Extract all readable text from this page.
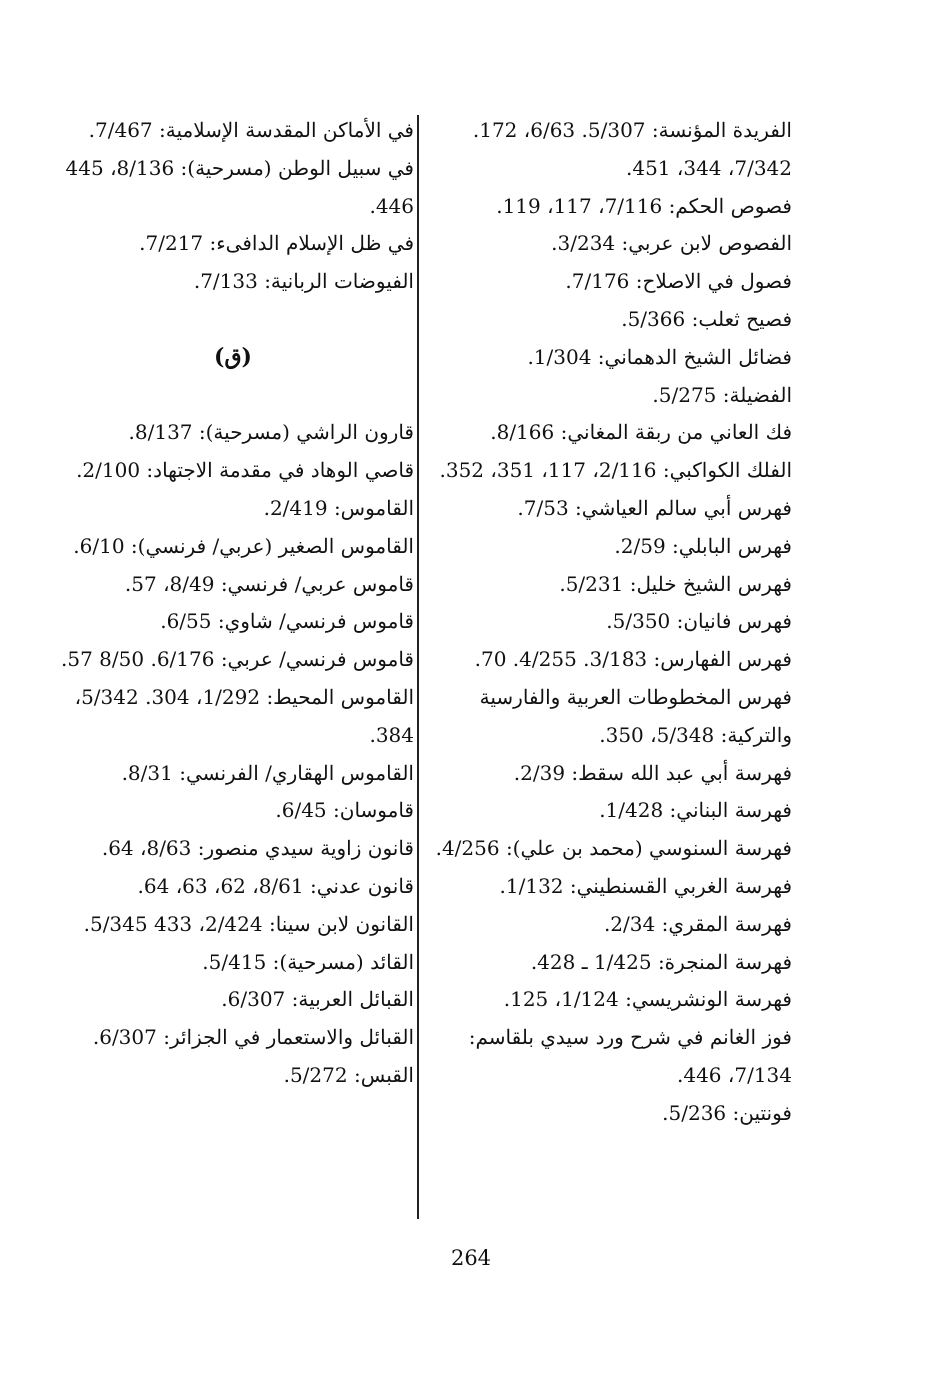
الفريدة المؤنسة: 5/307. 6/63، 172. 7/342، 344، 451.

فصوص الحكم: 7/116، 117، 119.

الفصوص لابن عربي: 3/234.

فصول في الاصلاح: 7/176.

فصيح ثعلب: 5/366.

فضائل الشيخ الدهماني: 1/304.

الفضيلة: 5/275.

فك العاني من ربقة المغاني: 8/166.

الفلك الكواكبي: 2/116، 117، 351، 352.

فهرس أبي سالم العياشي: 7/53.

فهرس البابلي: 2/59.

فهرس الشيخ خليل: 5/231.

فهرس فانيان: 5/350.

فهرس الفهارس: 3/183. 4/255. 70.

فهرس المخطوطات العربية والفارسية والتركية: 5/348، 350.

فهرسة أبي عبد الله سقط: 2/39.

فهرسة البناني: 1/428.

فهرسة السنوسي (محمد بن علي): 4/256.

فهرسة الغربي القسنطيني: 1/132.

فهرسة المقري: 2/34.

فهرسة المنجرة: 1/425 ـ 428.

فهرسة الونشريسي: 1/124، 125.

فوز الغانم في شرح ورد سيدي بلقاسم: 7/134، 446.

فونتين: 5/236.

في الأماكن المقدسة الإسلامية: 7/467.

في سبيل الوطن (مسرحية): 8/136، 445 446.

في ظل الإسلام الدافىء: 7/217.

الفيوضات الربانية: 7/133.

(ق)

قارون الراشي (مسرحية): 8/137.

قاصي الوهاد في مقدمة الاجتهاد: 2/100.

القاموس: 2/419.

القاموس الصغير (عربي/ فرنسي): 6/10.

قاموس عربي/ فرنسي: 8/49، 57.

قاموس فرنسي/ شاوي: 6/55.

قاموس فرنسي/ عربي: 6/176. 8/50 57.

القاموس المحيط: 1/292، 304. 5/342، 384.

القاموس الهقاري/ الفرنسي: 8/31.

قاموسان: 6/45.

قانون زاوية سيدي منصور: 8/63، 64.

قانون عدني: 8/61، 62، 63، 64.

القانون لابن سينا: 2/424، 433 5/345.

القائد (مسرحية): 5/415.

القبائل العربية: 6/307.

القبائل والاستعمار في الجزائر: 6/307.

القبس: 5/272.

264
